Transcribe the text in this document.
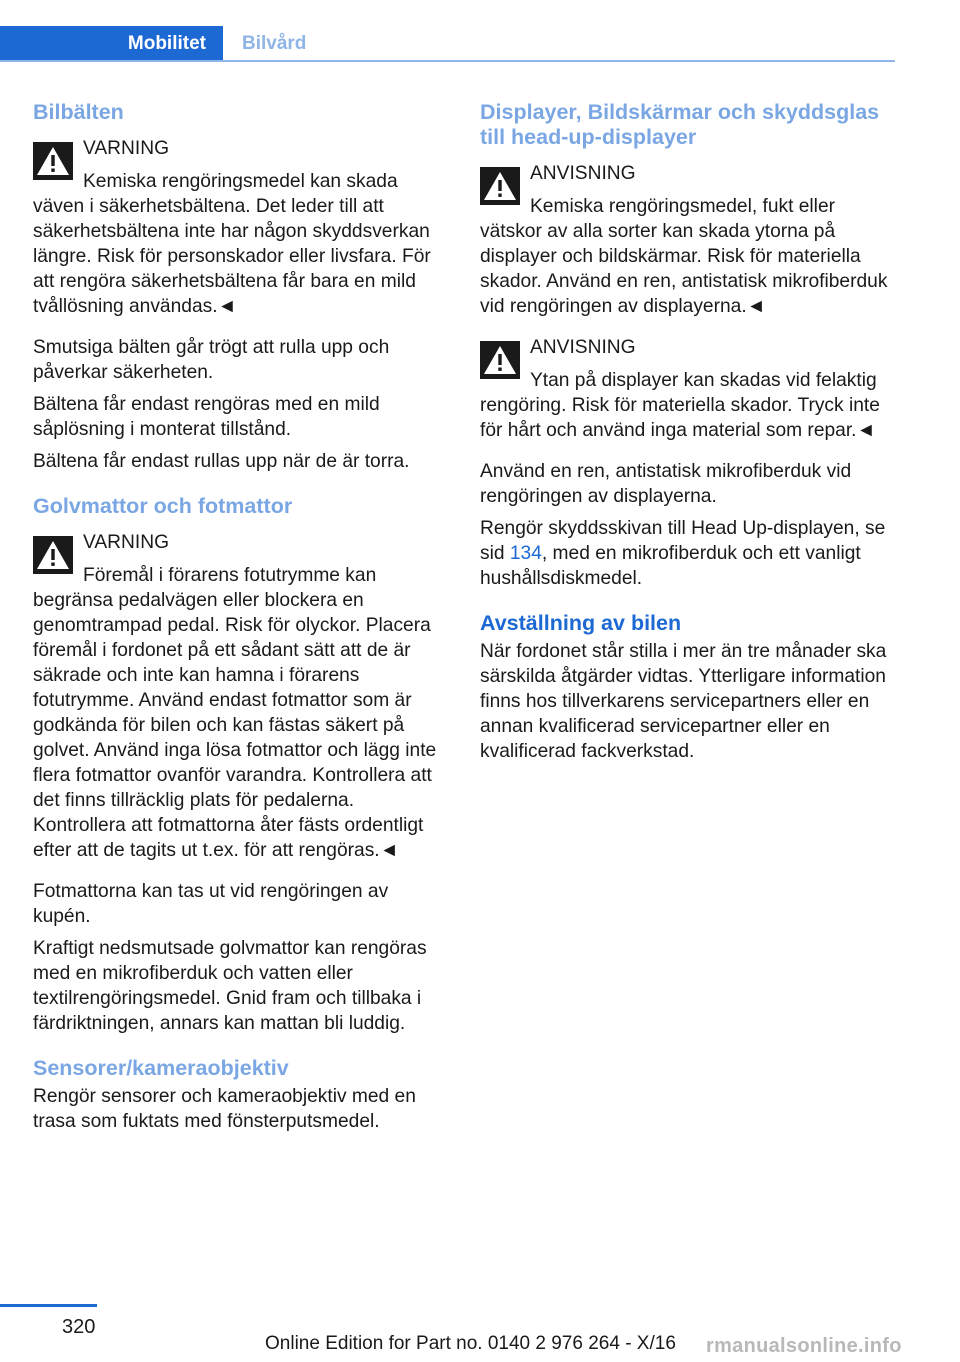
Mobilitet	Bilvård
Bilbälten
VARNING
Kemiska rengöringsmedel kan skada väven i säkerhetsbältena. Det leder till att säkerhetsbältena inte har någon skyddsverkan längre. Risk för personskador eller livsfara. För att rengöra säkerhetsbältena får bara en mild tvållösning användas.◄

Smutsiga bälten går trögt att rulla upp och påverkar säkerheten.

Bältena får endast rengöras med en mild såplösning i monterat tillstånd.

Bältena får endast rullas upp när de är torra.

Golvmattor och fotmattor
VARNING
Föremål i förarens fotutrymme kan begränsa pedalvägen eller blockera en genomtrampad pedal. Risk för olyckor. Placera föremål i fordonet på ett sådant sätt att de är säkrade och inte kan hamna i förarens fotutrymme. Använd endast fotmattor som är godkända för bilen och kan fästas säkert på golvet. Använd inga lösa fotmattor och lägg inte flera fotmattor ovanför varandra. Kontrollera att det finns tillräcklig plats för pedalerna. Kontrollera att fotmattorna åter fästs ordentligt efter att de tagits ut t.ex. för att rengöras.◄

Fotmattorna kan tas ut vid rengöringen av kupén.

Kraftigt nedsmutsade golvmattor kan rengöras med en mikrofiberduk och vatten eller textilrengöringsmedel. Gnid fram och tillbaka i färdriktningen, annars kan mattan bli luddig.

Sensorer/kameraobjektiv

Rengör sensorer och kameraobjektiv med en trasa som fuktats med fönsterputsmedel.

Displayer, Bildskärmar och skyddsglas till head-up-displayer
ANVISNING
Kemiska rengöringsmedel, fukt eller vätskor av alla sorter kan skada ytorna på displayer och bildskärmar. Risk för materiella skador. Använd en ren, antistatisk mikrofiberduk vid rengöringen av displayerna.◄
ANVISNING
Ytan på displayer kan skadas vid felaktig rengöring. Risk för materiella skador. Tryck inte för hårt och använd inga material som repar.◄

Använd en ren, antistatisk mikrofiberduk vid rengöringen av displayerna.

Rengör skyddsskivan till Head Up-displayen, se sid 134, med en mikrofiberduk och ett vanligt hushållsdiskmedel.

Avställning av bilen

När fordonet står stilla i mer än tre månader ska särskilda åtgärder vidtas. Ytterligare information finns hos tillverkarens servicepartners eller en annan kvalificerad servicepartner eller en kvalificerad fackverkstad.

320
Online Edition for Part no. 0140 2 976 264 - X/16 rmanualsonline.info
